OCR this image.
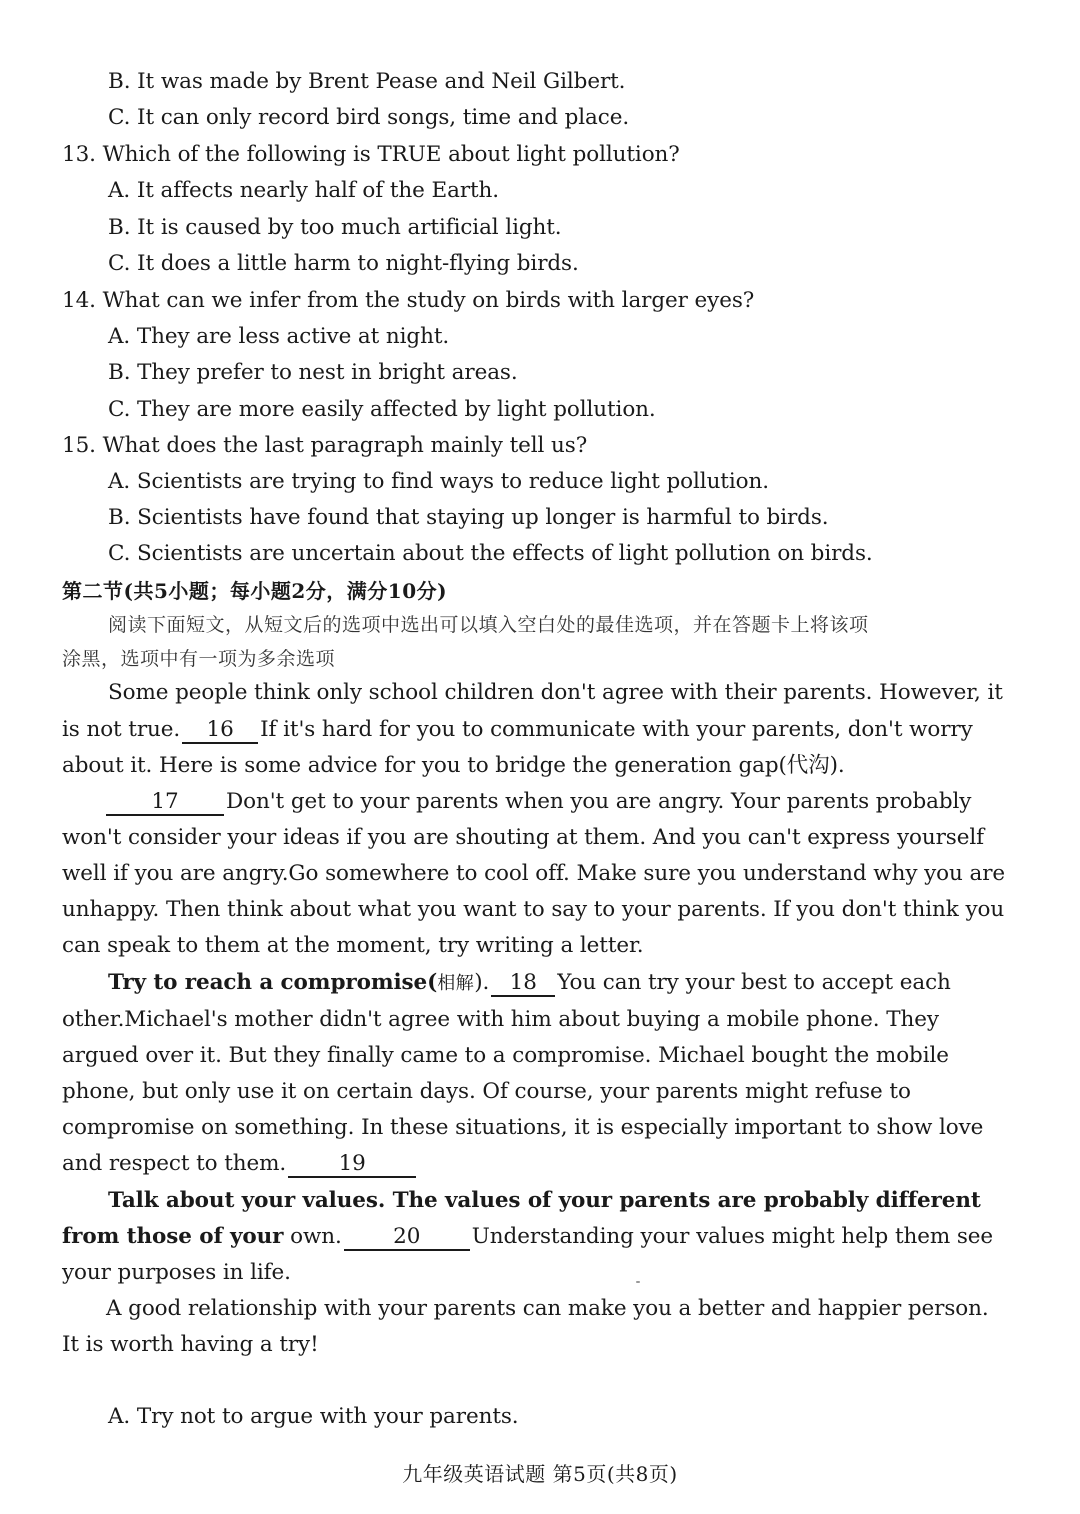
B. It was made by Brent Pease and Neil Gilbert.
C. It can only record bird songs, time and place.
13. Which of the following is TRUE about light pollution?
A. It affects nearly half of the Earth.
B. It is caused by too much artificial light.
C. It does a little harm to night-flying birds.
14. What can we infer from the study on birds with larger eyes?
A. They are less active at night.
B. They prefer to nest in bright areas.
C. They are more easily affected by light pollution.
15. What does the last paragraph mainly tell us?
A. Scientists are trying to find ways to reduce light pollution.
B. Scientists have found that staying up longer is harmful to birds.
C. Scientists are uncertain about the effects of light pollution on birds.
第二节(共5小题；每小题2分，满分10分)
阅读下面短文，从短文后的选项中选出可以填入空白处的最佳选项，并在答题卡上将该项
涂黑，选项中有一项为多余选项
Some people think only school children don't agree with their parents. However, it
is not true. 16 If it's hard for you to communicate with your parents, don't worry
about it. Here is some advice for you to bridge the generation gap(代沟).
17 Don't get to your parents when you are angry. Your parents probably
won't consider your ideas if you are shouting at them. And you can't express yourself
well if you are angry.Go somewhere to cool off. Make sure you understand why you are
unhappy. Then think about what you want to say to your parents. If you don't think you
can speak to them at the moment, try writing a letter.
Try to reach a compromise(相解). 18 You can try your best to accept each
other.Michael's mother didn't agree with him about buying a mobile phone. They
argued over it. But they finally came to a compromise. Michael bought the mobile
phone, but only use it on certain days. Of course, your parents might refuse to
compromise on something. In these situations, it is especially important to show love
and respect to them. 19
Talk about your values. The values of your parents are probably different
from those of your own. 20 Understanding your values might help them see
your purposes in life.
A good relationship with your parents can make you a better and happier person.
It is worth having a try!
A. Try not to argue with your parents.
九年级英语试题 第5页(共8页)
